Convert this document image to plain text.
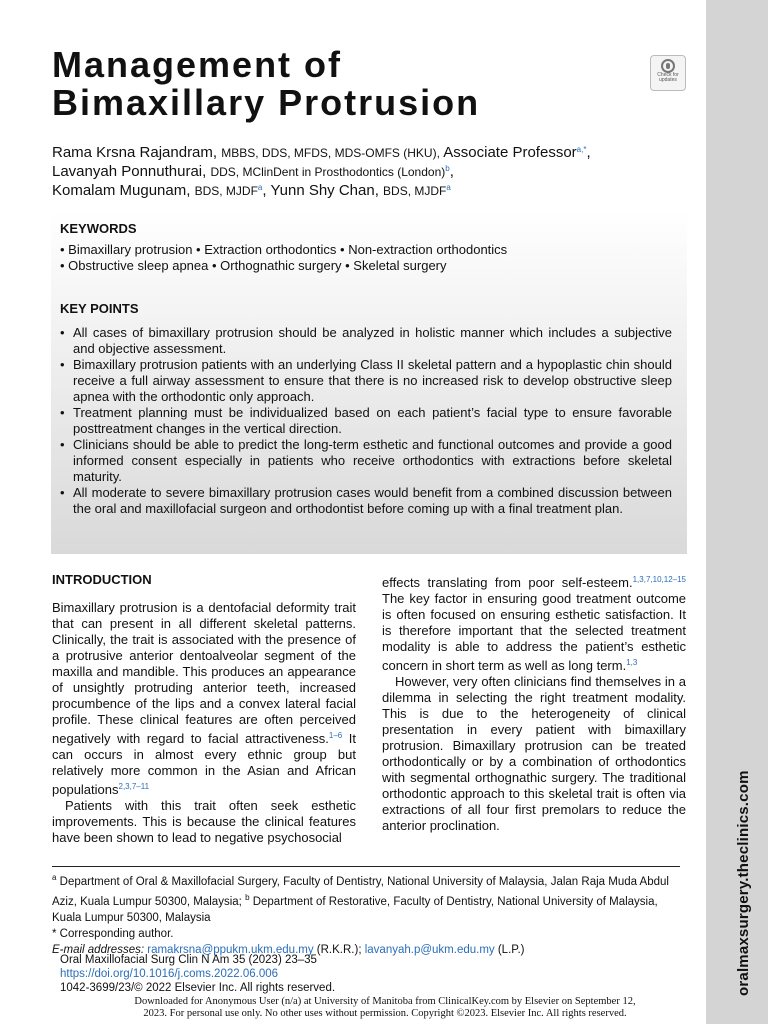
Management of
Bimaxillary Protrusion
Check for
updates
Rama Krsna Rajandram, MBBS, DDS, MFDS, MDS-OMFS (HKU), Associate Professor$^{a,*}$,
Lavanyah Ponnuthurai, DDS, MClinDent in Prosthodontics (London)$^b$,
Komalam Mugunam, BDS, MJDF$^a$, Yunn Shy Chan, BDS, MJDF$^a$
KEYWORDS
• Bimaxillary protrusion • Extraction orthodontics • Non-extraction orthodontics
• Obstructive sleep apnea • Orthognathic surgery • Skeletal surgery
KEY POINTS
• All cases of bimaxillary protrusion should be analyzed in holistic manner which includes a subjective and objective assessment.
• Bimaxillary protrusion patients with an underlying Class II skeletal pattern and a hypoplastic chin should receive a full airway assessment to ensure that there is no increased risk to develop obstructive sleep apnea with the orthodontic only approach.
• Treatment planning must be individualized based on each patient’s facial type to ensure favorable posttreatment changes in the vertical direction.
• Clinicians should be able to predict the long-term esthetic and functional outcomes and provide a good informed consent especially in patients who receive orthodontics with extractions before skeletal maturity.
• All moderate to severe bimaxillary protrusion cases would benefit from a combined discussion between the oral and maxillofacial surgeon and orthodontist before coming up with a final treatment plan.

INTRODUCTION

Bimaxillary protrusion is a dentofacial deformity trait that can present in all different skeletal patterns. Clinically, the trait is associated with the presence of a protrusive anterior dentoalveolar segment of the maxilla and mandible. This produces an appearance of unsightly protruding anterior teeth, increased procumbence of the lips and a convex lateral facial profile. These clinical features are often perceived negatively with regard to facial attractiveness.$^{1-6}$ It can occurs in almost every ethnic group but relatively more common in the Asian and African populations$^{2,3,7-11}$

Patients with this trait often seek esthetic improvements. This is because the clinical features have been shown to lead to negative psychosocial

effects translating from poor self-esteem.$^{1,3,7,10,12-15}$ The key factor in ensuring good treatment outcome is often focused on ensuring esthetic satisfaction. It is therefore important that the selected treatment modality is able to address the patient’s esthetic concern in short term as well as long term.$^{1,3}$

However, very often clinicians find themselves in a dilemma in selecting the right treatment modality. This is due to the heterogeneity of clinical presentation in every patient with bimaxillary protrusion. Bimaxillary protrusion can be treated orthodontically or by a combination of orthodontics with segmental orthognathic surgery. The traditional orthodontic approach to this skeletal trait is often via extractions of all four first premolars to reduce the anterior proclination.

$^a$ Department of Oral & Maxillofacial Surgery, Faculty of Dentistry, National University of Malaysia, Jalan Raja Muda Abdul Aziz, Kuala Lumpur 50300, Malaysia; $^b$ Department of Restorative, Faculty of Dentistry, National University of Malaysia, Kuala Lumpur 50300, Malaysia

* Corresponding author.

E-mail addresses: ramakrsna@ppukm.ukm.edu.my (R.K.R.); lavanyah.p@ukm.edu.my (L.P.)

Oral Maxillofacial Surg Clin N Am 35 (2023) 23–35
https://doi.org/10.1016/j.coms.2022.06.006
1042-3699/23/© 2022 Elsevier Inc. All rights reserved.
Downloaded for Anonymous User (n/a) at University of Manitoba from ClinicalKey.com by Elsevier on September 12,
2023. For personal use only. No other uses without permission. Copyright ©2023. Elsevier Inc. All rights reserved.
oralmaxsurgery.theclinics.com
